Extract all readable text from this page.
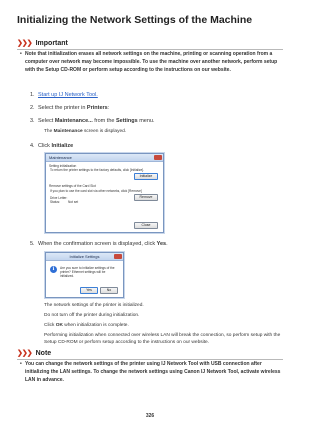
Initializing the Network Settings of the Machine
❯❯❯ Important
• Note that initialization erases all network settings on the machine, printing or scanning operation from a computer over network may become impossible. To use the machine over another network, perform setup with the Setup CD-ROM or perform setup according to the instructions on our website.
1. Start up IJ Network Tool.
2. Select the printer in Printers:
3. Select Maintenance... from the Settings menu.
The Maintenance screen is displayed.
4. Click Initialize
Maintenance
Setting initialization
To return the printer settings to the factory defaults, click [Initialize].
Initialize
Remove settings of the Card Slot
If you plan to use the card slot via other networks, click [Remove]
Drive Letter:
Status:	Not set
Remove
Close
5. When the confirmation screen is displayed, click Yes.
Initialize Settings
i	Are you sure to initialize settings of the printer? Ethernet settings will be initialized.
Yes	No
The network settings of the printer is initialized.
Do not turn off the printer during initialization.
Click OK when initialization is complete.
Performing initialization when connected over wireless LAN will break the connection, so perform setup with the Setup CD-ROM or perform setup according to the instructions on our website.
❯❯❯ Note
• You can change the network settings of the printer using IJ Network Tool with USB connection after initializing the LAN settings. To change the network settings using Canon IJ Network Tool, activate wireless LAN in advance.
326
